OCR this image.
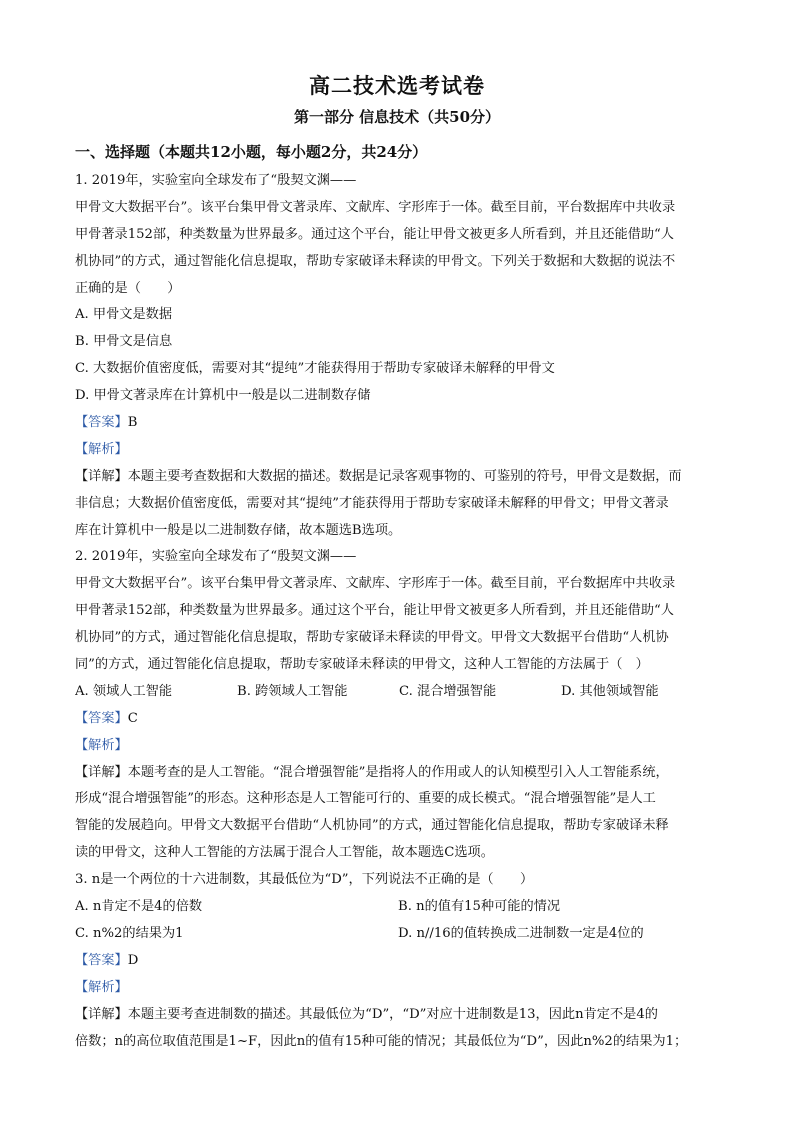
高二技术选考试卷
第一部分 信息技术（共50分）
一、选择题（本题共12小题，每小题2分，共24分）
1. 2019年，实验室向全球发布了“殷契文渊——
甲骨文大数据平台”。该平台集甲骨文著录库、文献库、字形库于一体。截至目前，平台数据库中共收录
甲骨著录152部，种类数量为世界最多。通过这个平台，能让甲骨文被更多人所看到，并且还能借助“人
机协同”的方式，通过智能化信息提取，帮助专家破译未释读的甲骨文。下列关于数据和大数据的说法不
正确的是（　　）
A. 甲骨文是数据
B. 甲骨文是信息
C. 大数据价值密度低，需要对其“提纯”才能获得用于帮助专家破译未解释的甲骨文
D. 甲骨文著录库在计算机中一般是以二进制数存储
【答案】B
【解析】
【详解】本题主要考查数据和大数据的描述。数据是记录客观事物的、可鉴别的符号，甲骨文是数据，而
非信息；大数据价值密度低，需要对其“提纯”才能获得用于帮助专家破译未解释的甲骨文；甲骨文著录
库在计算机中一般是以二进制数存储，故本题选B选项。
2. 2019年，实验室向全球发布了“殷契文渊——
甲骨文大数据平台”。该平台集甲骨文著录库、文献库、字形库于一体。截至目前，平台数据库中共收录
甲骨著录152部，种类数量为世界最多。通过这个平台，能让甲骨文被更多人所看到，并且还能借助“人
机协同”的方式，通过智能化信息提取，帮助专家破译未释读的甲骨文。甲骨文大数据平台借助“人机协
同”的方式，通过智能化信息提取，帮助专家破译未释读的甲骨文，这种人工智能的方法属于（　）
A. 领域人工智能	B. 跨领域人工智能	C. 混合增强智能	D. 其他领域智能
【答案】C
【解析】
【详解】本题考查的是人工智能。“混合增强智能”是指将人的作用或人的认知模型引入人工智能系统，
形成“混合增强智能”的形态。这种形态是人工智能可行的、重要的成长模式。“混合增强智能”是人工
智能的发展趋向。甲骨文大数据平台借助“人机协同”的方式，通过智能化信息提取，帮助专家破译未释
读的甲骨文，这种人工智能的方法属于混合人工智能，故本题选C选项。
3. n是一个两位的十六进制数，其最低位为“D”，下列说法不正确的是（　　）
A. n肯定不是4的倍数	B. n的值有15种可能的情况
C. n%2的结果为1	D. n//16的值转换成二进制数一定是4位的
【答案】D
【解析】
【详解】本题主要考查进制数的描述。其最低位为“D”，“D”对应十进制数是13，因此n肯定不是4的
倍数；n的高位取值范围是1~F，因此n的值有15种可能的情况；其最低位为“D”，因此n%2的结果为1；
